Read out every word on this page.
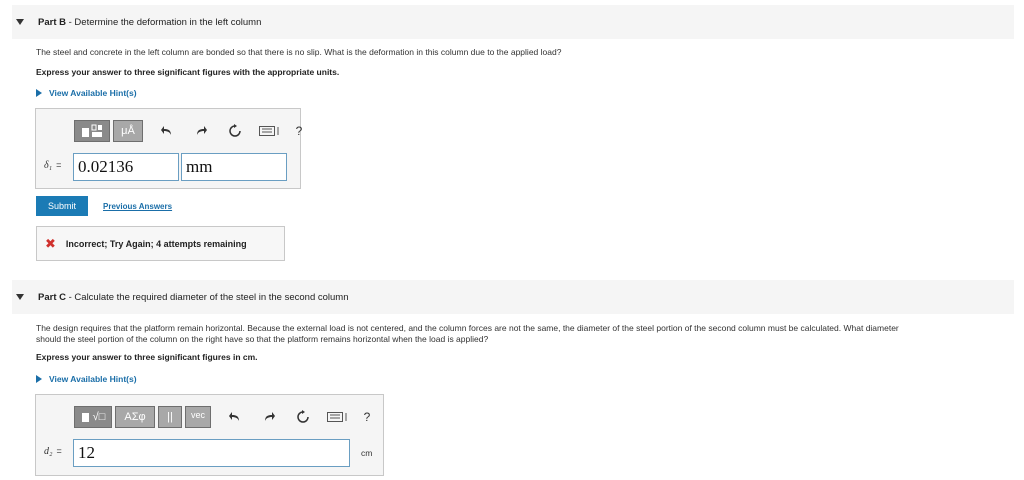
Part B - Determine the deformation in the left column
The steel and concrete in the left column are bonded so that there is no slip. What is the deformation in this column due to the applied load?
Express your answer to three significant figures with the appropriate units.
View Available Hint(s)
μÅ	?
δ₁ = 0.02136	mm
Submit	Previous Answers
✖ Incorrect; Try Again; 4 attempts remaining
Part C - Calculate the required diameter of the steel in the second column
The design requires that the platform remain horizontal. Because the external load is not centered, and the column forces are not the same, the diameter of the steel portion of the second column must be calculated. What diameter
should the steel portion of the column on the right have so that the platform remains horizontal when the load is applied?
Express your answer to three significant figures in cm.
View Available Hint(s)
√□ AΣφ || vec	?
d₂ = 12	cm
